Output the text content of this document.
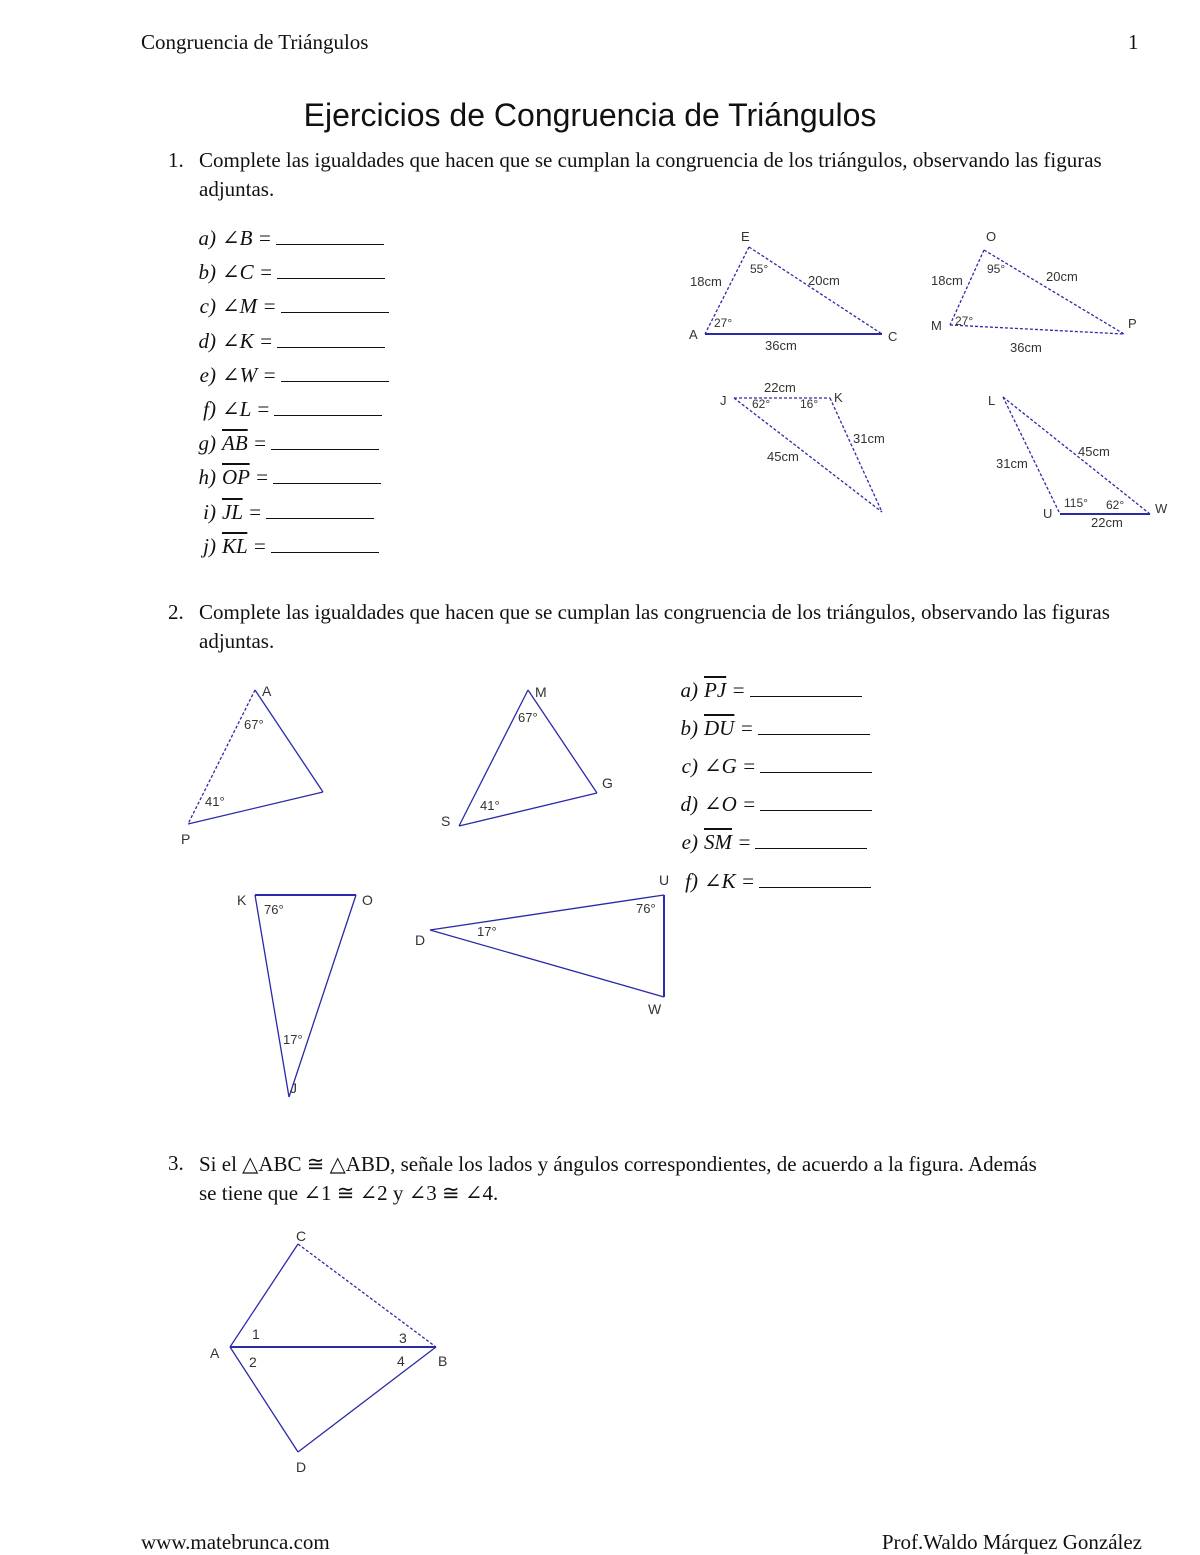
Congruencia de Triángulos	1
Ejercicios de Congruencia de Triángulos
1. Complete las igualdades que hacen que se cumplan la congruencia de los triángulos, observando las figuras adjuntas.
a) ∠B =
b) ∠C =
c) ∠M =
d) ∠K =
e) ∠W =
f) ∠L =
g) $\overline{AB}$ =
h) $\overline{OP}$ =
i) $\overline{JL}$ =
j) $\overline{KL}$ =
E
A	C
18cm	20cm
36cm
55°
27°
O
M	P
18cm	20cm
36cm
95°
27°
J	K
22cm
31cm
45cm
62° 16°	L
U	W
45cm
31cm
22cm
115° 62°
2. Complete las igualdades que hacen que se cumplan las congruencia de los triángulos, observando las figuras adjuntas.
a) $\overline{PJ}$ =
b) $\overline{DU}$ =
c) ∠G =
d) ∠O =
e) $\overline{SM}$ =
f) ∠K =
A
P
67°
41°
M
G
S
67°
41°
K	O
J
76°
17°
U
D
W
76°
17°
3. Si el △ABC ≅ △ABD, señale los lados y ángulos correspondientes, de acuerdo a la figura. Además
se tiene que ∠1 ≅ ∠2 y ∠3 ≅ ∠4.
C
A	B
D
1
2
3
4
www.matebrunca.com	Prof.Waldo Márquez González
